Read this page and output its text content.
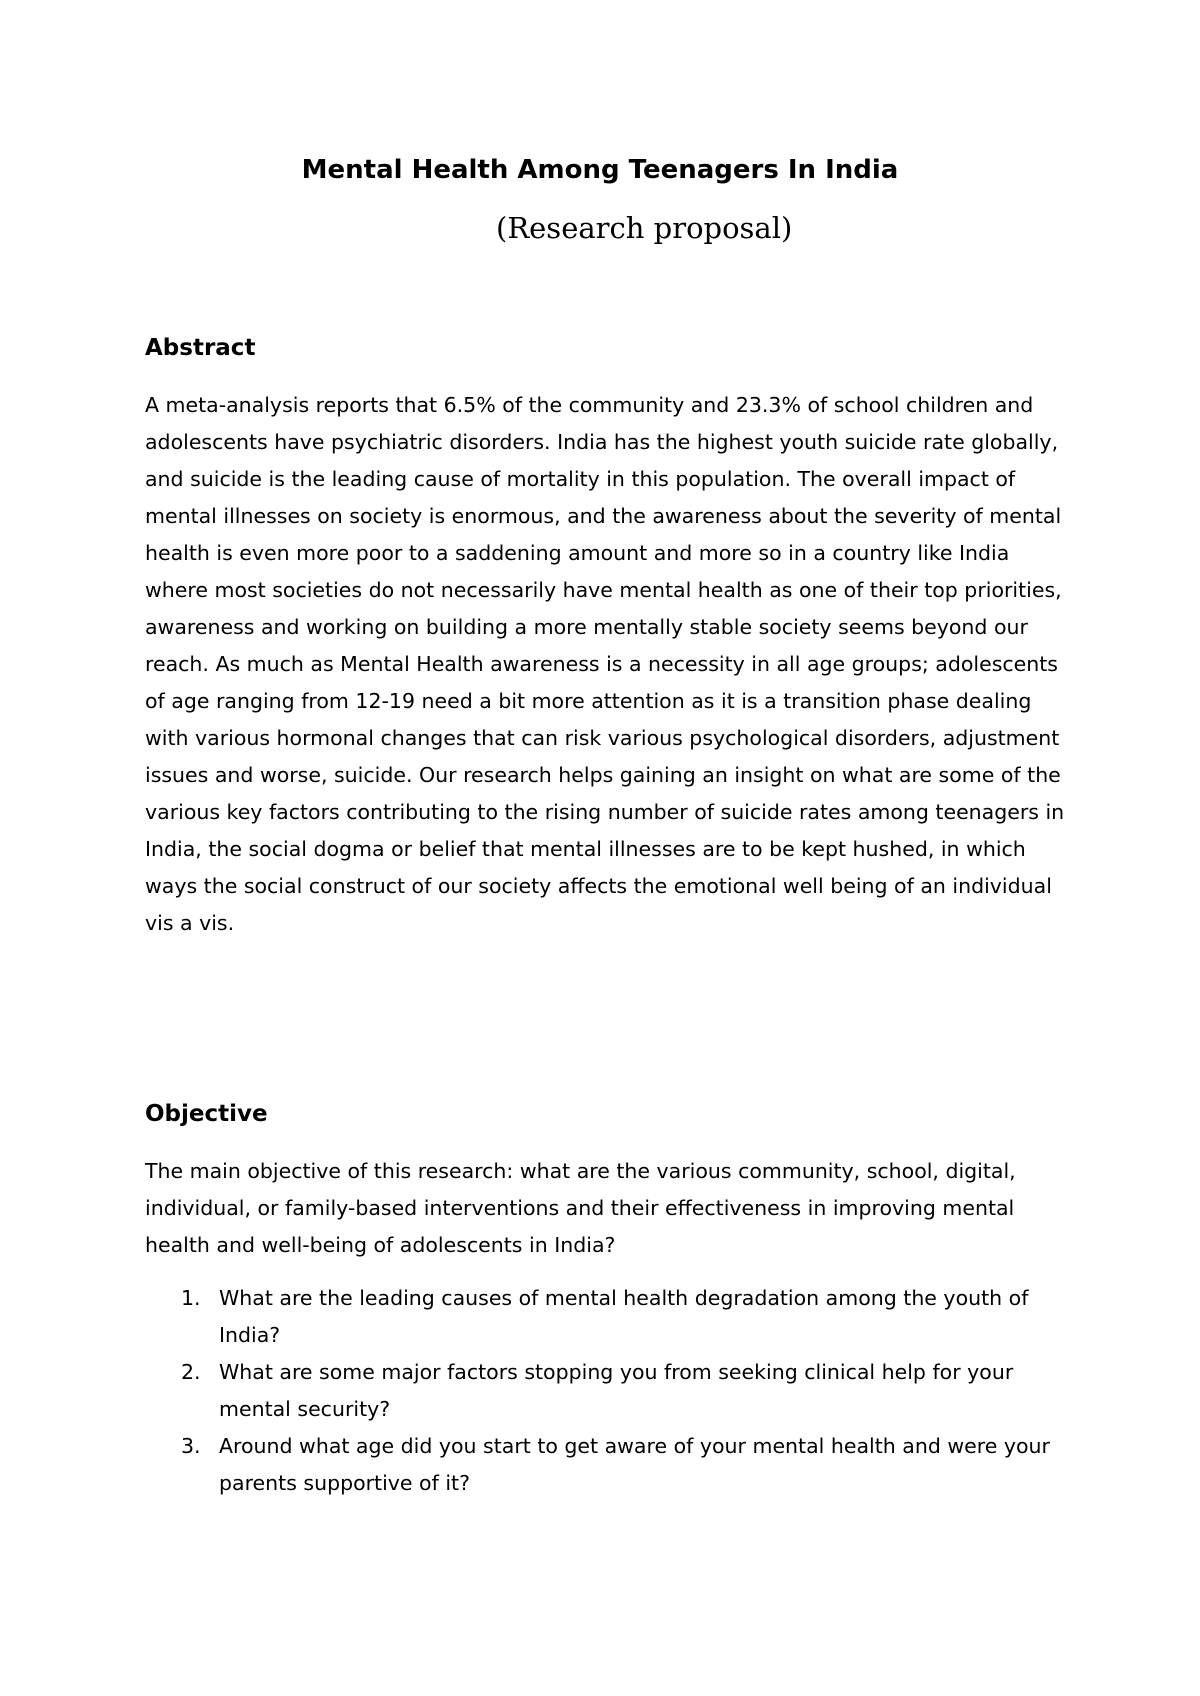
Mental Health Among Teenagers In India
(Research proposal)
Abstract

A meta-analysis reports that 6.5% of the community and 23.3% of school children and adolescents have psychiatric disorders. India has the highest youth suicide rate globally, and suicide is the leading cause of mortality in this population. The overall impact of mental illnesses on society is enormous, and the awareness about the severity of mental health is even more poor to a saddening amount and more so in a country like India where most societies do not necessarily have mental health as one of their top priorities, awareness and working on building a more mentally stable society seems beyond our reach. As much as Mental Health awareness is a necessity in all age groups; adolescents of age ranging from 12-19 need a bit more attention as it is a transition phase dealing with various hormonal changes that can risk various psychological disorders, adjustment issues and worse, suicide. Our research helps gaining an insight on what are some of the various key factors contributing to the rising number of suicide rates among teenagers in India, the social dogma or belief that mental illnesses are to be kept hushed, in which ways the social construct of our society affects the emotional well being of an individual vis a vis.

Objective

The main objective of this research: what are the various community, school, digital, individual, or family-based interventions and their effectiveness in improving mental health and well-being of adolescents in India?

1. What are the leading causes of mental health degradation among the youth of India?
2. What are some major factors stopping you from seeking clinical help for your mental security?
3. Around what age did you start to get aware of your mental health and were your parents supportive of it?
